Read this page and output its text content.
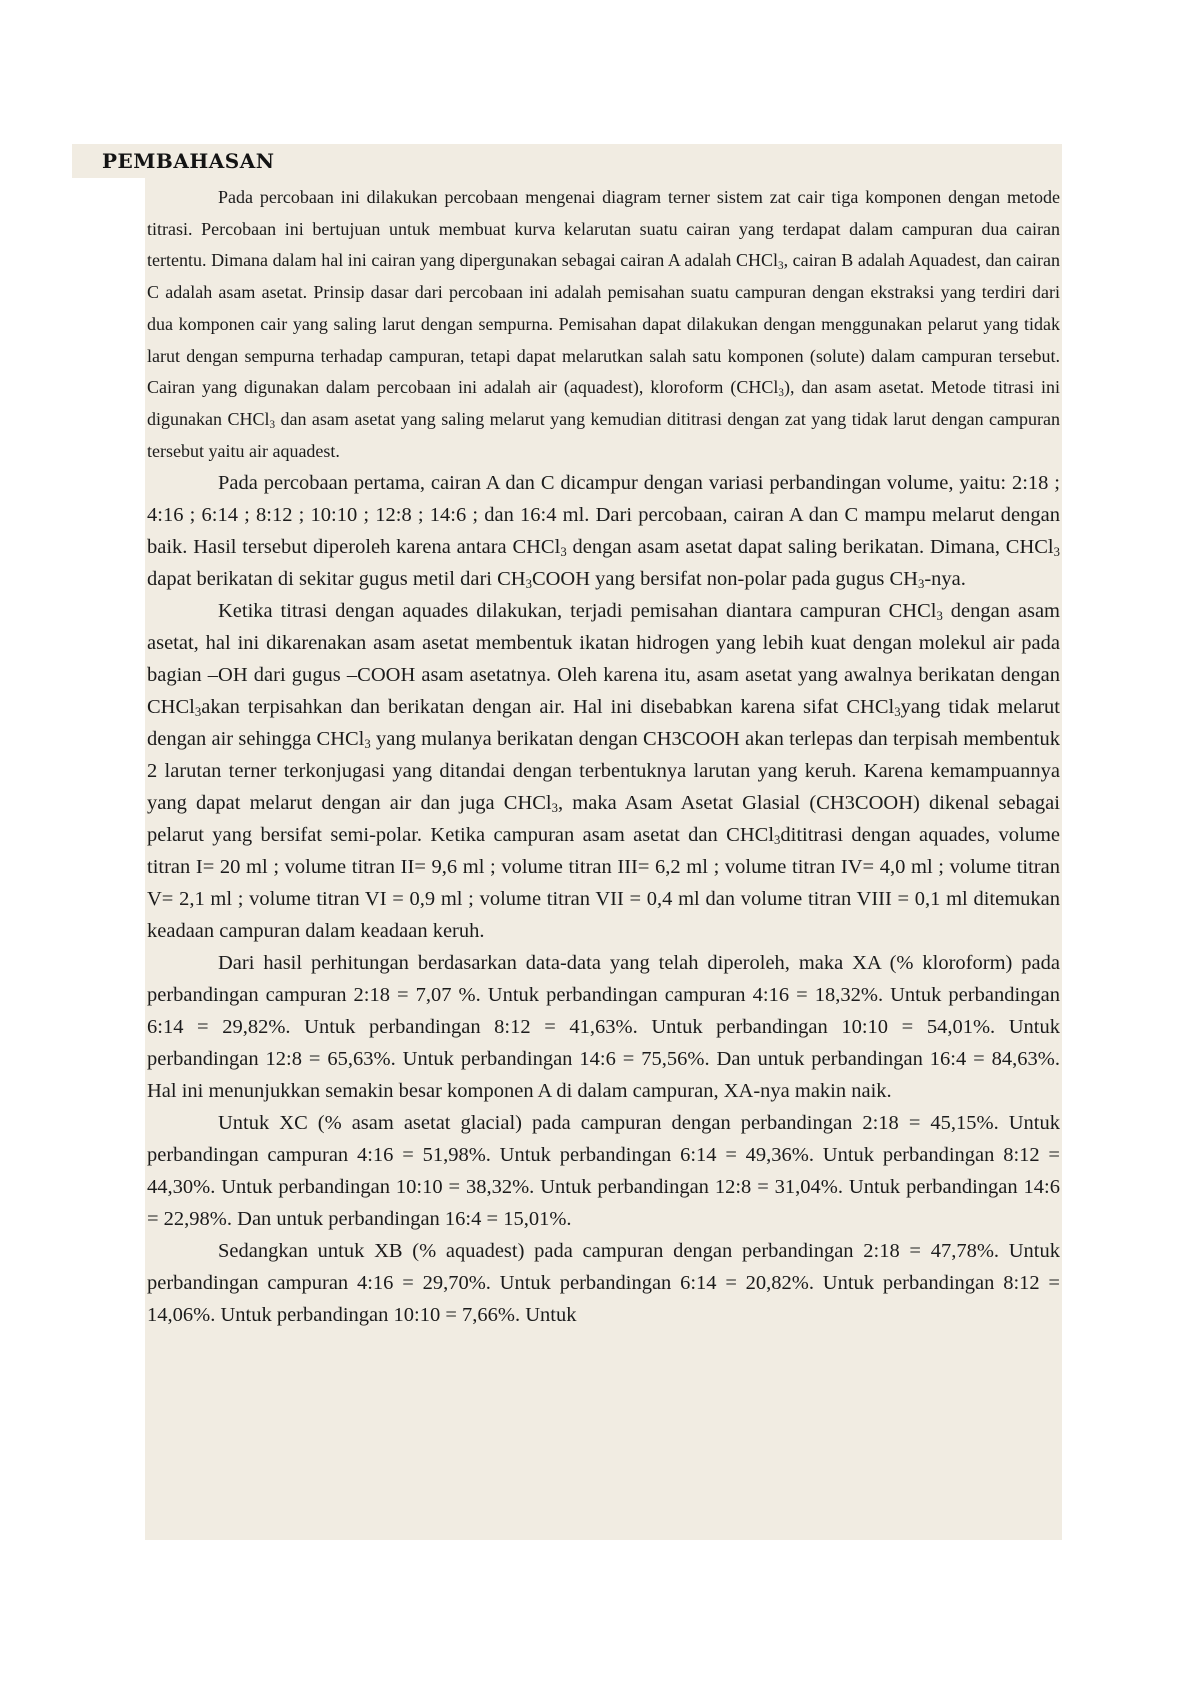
PEMBAHASAN

Pada percobaan ini dilakukan percobaan mengenai diagram terner sistem zat cair tiga komponen dengan metode titrasi. Percobaan ini bertujuan untuk membuat kurva kelarutan suatu cairan yang terdapat dalam campuran dua cairan tertentu. Dimana dalam hal ini cairan yang dipergunakan sebagai cairan A adalah CHCl$_3$, cairan B adalah Aquadest, dan cairan C adalah asam asetat. Prinsip dasar dari percobaan ini adalah pemisahan suatu campuran dengan ekstraksi yang terdiri dari dua komponen cair yang saling larut dengan sempurna. Pemisahan dapat dilakukan dengan menggunakan pelarut yang tidak larut dengan sempurna terhadap campuran, tetapi dapat melarutkan salah satu komponen (solute) dalam campuran tersebut. Cairan yang digunakan dalam percobaan ini adalah air (aquadest), kloroform (CHCl$_3$), dan asam asetat. Metode titrasi ini digunakan CHCl$_3$ dan asam asetat yang saling melarut yang kemudian dititrasi dengan zat yang tidak larut dengan campuran tersebut yaitu air aquadest.

Pada percobaan pertama, cairan A dan C dicampur dengan variasi perbandingan volume, yaitu: 2:18 ; 4:16 ; 6:14 ; 8:12 ; 10:10 ; 12:8 ; 14:6 ; dan 16:4 ml. Dari percobaan, cairan A dan C mampu melarut dengan baik. Hasil tersebut diperoleh karena antara CHCl$_3$ dengan asam asetat dapat saling berikatan. Dimana, CHCl$_3$ dapat berikatan di sekitar gugus metil dari $CH_3COOH$ yang bersifat non-polar pada gugus $CH_3$-nya.

Ketika titrasi dengan aquades dilakukan, terjadi pemisahan diantara campuran CHCl$_3$ dengan asam asetat, hal ini dikarenakan asam asetat membentuk ikatan hidrogen yang lebih kuat dengan molekul air pada bagian –OH dari gugus –COOH asam asetatnya. Oleh karena itu, asam asetat yang awalnya berikatan dengan CHCl$_3$akan terpisahkan dan berikatan dengan air. Hal ini disebabkan karena sifat CHCl$_3$yang tidak melarut dengan air sehingga CHCl$_3$ yang mulanya berikatan dengan CH3COOH akan terlepas dan terpisah membentuk 2 larutan terner terkonjugasi yang ditandai dengan terbentuknya larutan yang keruh. Karena kemampuannya yang dapat melarut dengan air dan juga CHCl$_3$, maka Asam Asetat Glasial (CH3COOH) dikenal sebagai pelarut yang bersifat semi-polar. Ketika campuran asam asetat dan CHCl$_3$dititrasi dengan aquades, volume titran I= 20 ml ; volume titran II= 9,6 ml ; volume titran III= 6,2 ml ; volume titran IV= 4,0 ml ; volume titran V= 2,1 ml ; volume titran VI = 0,9 ml ; volume titran VII = 0,4 ml dan volume titran VIII = 0,1 ml ditemukan keadaan campuran dalam keadaan keruh.

Dari hasil perhitungan berdasarkan data-data yang telah diperoleh, maka XA (% kloroform) pada perbandingan campuran 2:18 = 7,07 %. Untuk perbandingan campuran 4:16 = 18,32%. Untuk perbandingan 6:14 = 29,82%. Untuk perbandingan 8:12 = 41,63%. Untuk perbandingan 10:10 = 54,01%. Untuk perbandingan 12:8 = 65,63%. Untuk perbandingan 14:6 = 75,56%. Dan untuk perbandingan 16:4 = 84,63%. Hal ini menunjukkan semakin besar komponen A di dalam campuran, XA-nya makin naik.

Untuk XC (% asam asetat glacial) pada campuran dengan perbandingan 2:18 = 45,15%. Untuk perbandingan campuran 4:16 = 51,98%. Untuk perbandingan 6:14 = 49,36%. Untuk perbandingan 8:12 = 44,30%. Untuk perbandingan 10:10 = 38,32%. Untuk perbandingan 12:8 = 31,04%. Untuk perbandingan 14:6 = 22,98%. Dan untuk perbandingan 16:4 = 15,01%.

Sedangkan untuk XB (% aquadest) pada campuran dengan perbandingan 2:18 = 47,78%. Untuk perbandingan campuran 4:16 = 29,70%. Untuk perbandingan 6:14 = 20,82%. Untuk perbandingan 8:12 = 14,06%. Untuk perbandingan 10:10 = 7,66%. Untuk
